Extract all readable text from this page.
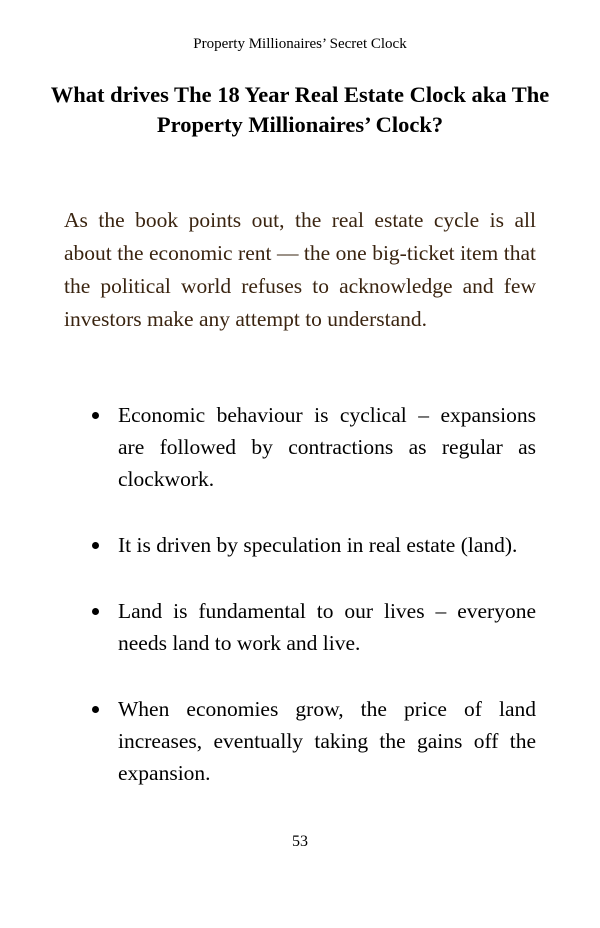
Property Millionaires’ Secret Clock
What drives The 18 Year Real Estate Clock aka The Property Millionaires’ Clock?

As the book points out, the real estate cycle is all about the economic rent — the one big-ticket item that the political world refuses to acknowledge and few investors make any attempt to understand.

Economic behaviour is cyclical – expansions are followed by contractions as regular as clockwork.
It is driven by speculation in real estate (land).
Land is fundamental to our lives – everyone needs land to work and live.
When economies grow, the price of land increases, eventually taking the gains off the expansion.
53
